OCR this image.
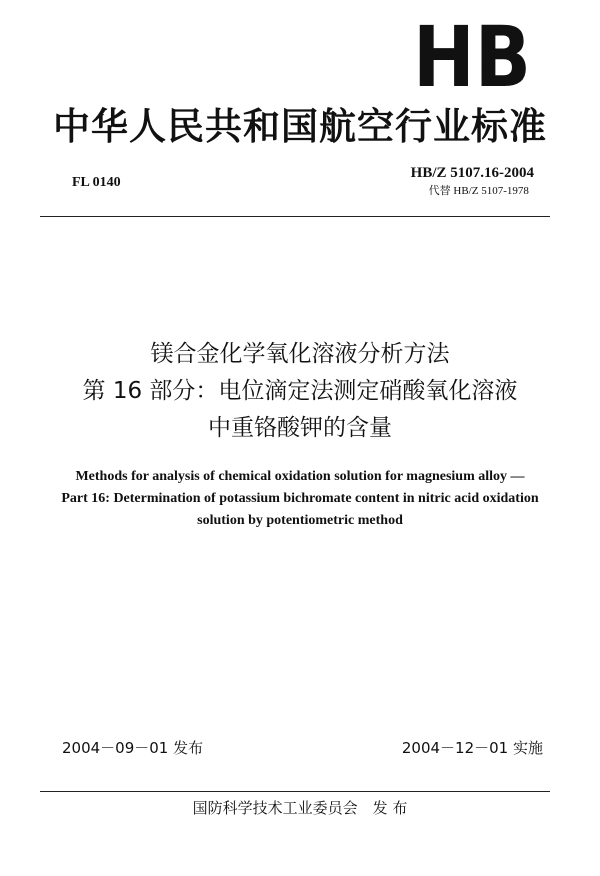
HB
中华人民共和国航空行业标准
FL 0140
HB/Z 5107.16-2004
代替 HB/Z 5107-1978
镁合金化学氧化溶液分析方法
第 16 部分：电位滴定法测定硝酸氧化溶液
中重铬酸钾的含量
Methods for analysis of chemical oxidation solution for magnesium alloy —
Part 16: Determination of potassium bichromate content in nitric acid oxidation
solution by potentiometric method
2004－09－01 发布	2004－12－01 实施
国防科学技术工业委员会　发 布
